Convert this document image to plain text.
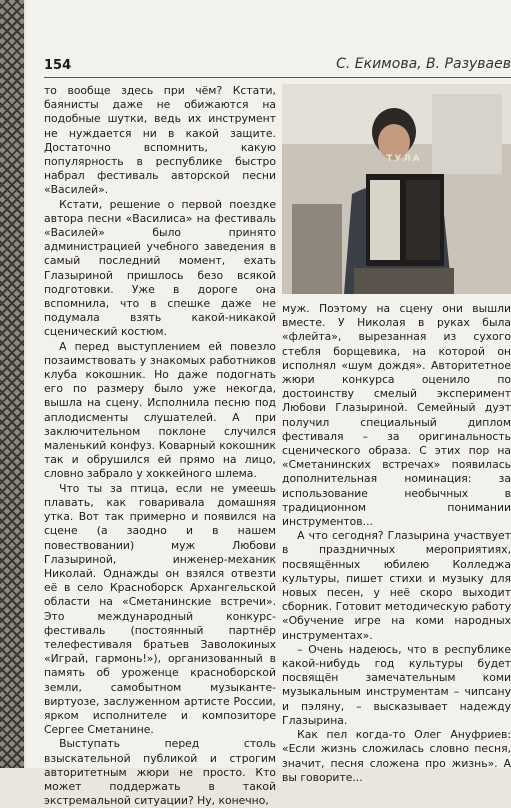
154	С. Екимова, В. Разуваев

то вообще здесь при чём? Кстати, баянисты даже не обижаются на подобные шутки, ведь их инструмент не нуждается ни в какой защите. Достаточно вспомнить, какую популярность в республике быстро набрал фестиваль авторской песни «Василей».

Кстати, решение о первой поездке автора песни «Василиса» на фестиваль «Василей» было принято администрацией учебного заведения в самый последний момент, ехать Глазыриной пришлось безо всякой подготовки. Уже в дороге она вспомнила, что в спешке даже не подумала взять какой-никакой сценический костюм.

А перед выступлением ей повезло позаимствовать у знакомых работников клуба кокошник. Но даже подогнать его по размеру было уже некогда, вышла на сцену. Исполнила песню под аплодисменты слушателей. А при заключительном поклоне случился маленький конфуз. Коварный кокошник так и обрушился ей прямо на лицо, словно забрало у хоккейного шлема.

Что ты за птица, если не умеешь плавать, как говаривала домашняя утка. Вот так примерно и появился на сцене (а заодно и в нашем повествовании) муж Любови Глазыриной, инженер-механик Николай. Однажды он взялся отвезти её в село Красноборск Архангельской области на «Сметанинские встречи». Это международный конкурс-фестиваль (постоянный партнёр телефестиваля братьев Заволокиных «Играй, гармонь!»), организованный в память об уроженце красноборской земли, самобытном музыканте-виртуозе, заслуженном артисте России, ярком исполнителе и композиторе Сергее Сметанине.

Выступать перед столь взыскательной публикой и строгим авторитетным жюри не просто. Кто может поддержать в такой экстремальной ситуации? Ну, конечно,

ТУЛА

муж. Поэтому на сцену они вышли вместе. У Николая в руках была «флейта», вырезанная из сухого стебля борщевика, на которой он исполнял «шум дождя». Авторитетное жюри конкурса оценило по достоинству смелый эксперимент Любови Глазыриной. Семейный дуэт получил специальный диплом фестиваля – за оригинальность сценического образа. С этих пор на «Сметанинских встречах» появилась дополнительная номинация: за использование необычных в традиционном понимании инструментов...

А что сегодня? Глазырина участвует в праздничных мероприятиях, посвящённых юбилею Колледжа культуры, пишет стихи и музыку для новых песен, у неё скоро выходит сборник. Готовит методическую работу «Обучение игре на коми народных инструментах».

– Очень надеюсь, что в республике какой-нибудь год культуры будет посвящён замечательным коми музыкальным инструментам – чипсану и пэляну, – высказывает надежду Глазырина.

Как пел когда-то Олег Ануфриев: «Если жизнь сложилась словно песня, значит, песня сложена про жизнь». А вы говорите...
